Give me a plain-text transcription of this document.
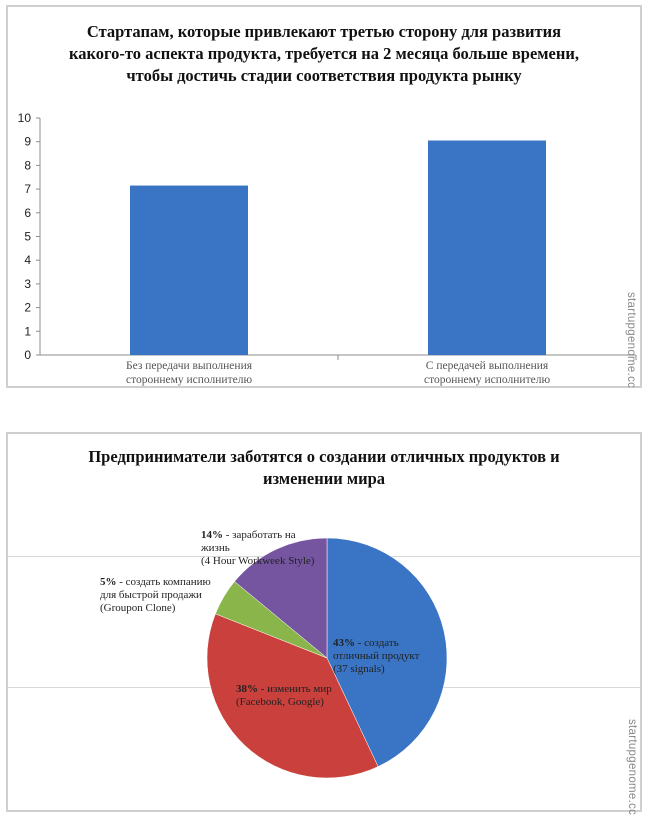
Стартапам, которые привлекают третью сторону для развития
какого-то аспекта продукта, требуется на 2 месяца больше времени,
чтобы достичь стадии соответствия продукта рынку
0
1
2
3
4
5
6
7
8
9
10
Без передачи выполнения
стороннему исполнителю
С передачей выполнения
стороннему исполнителю	startupgenome.cc
Предприниматели заботятся о создании отличных продуктов и
изменении мира
43% - создать
отличный продукт
(37 signals)
38% - изменить мир
(Facebook, Google)
5% - создать компанию
для быстрой продажи
(Groupon Clone)
14% - заработать на
жизнь
(4 Hour Workweek Style)
startupgenome.cc
